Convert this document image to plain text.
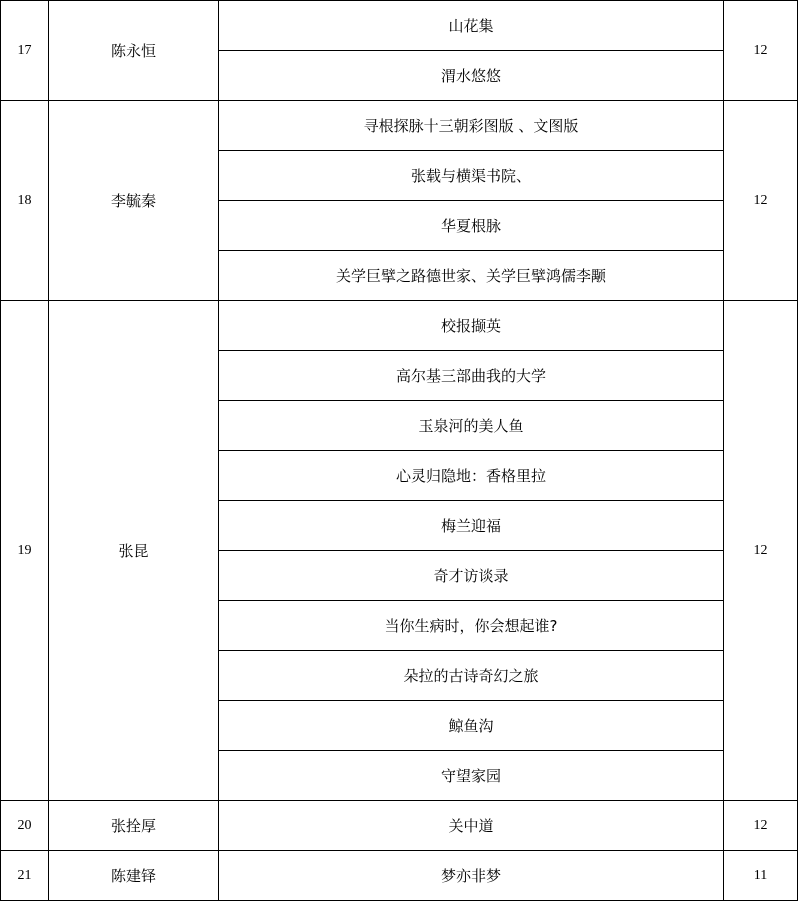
17	陈永恒	山花集	12
		渭水悠悠	
18	李毓秦	寻根探脉十三朝彩图版 、文图版	12
		张载与横渠书院、	
		华夏根脉	
		关学巨擘之路德世家、关学巨擘鸿儒李颙	
19	张昆	校报撷英	12
		高尔基三部曲我的大学	
		玉泉河的美人鱼	
		心灵归隐地：香格里拉	
		梅兰迎福	
		奇才访谈录	
		当你生病时，你会想起谁?	
		朵拉的古诗奇幻之旅	
		鲸鱼沟	
		守望家园	
20	张拴厚	关中道	12
21	陈建铎	梦亦非梦	11
